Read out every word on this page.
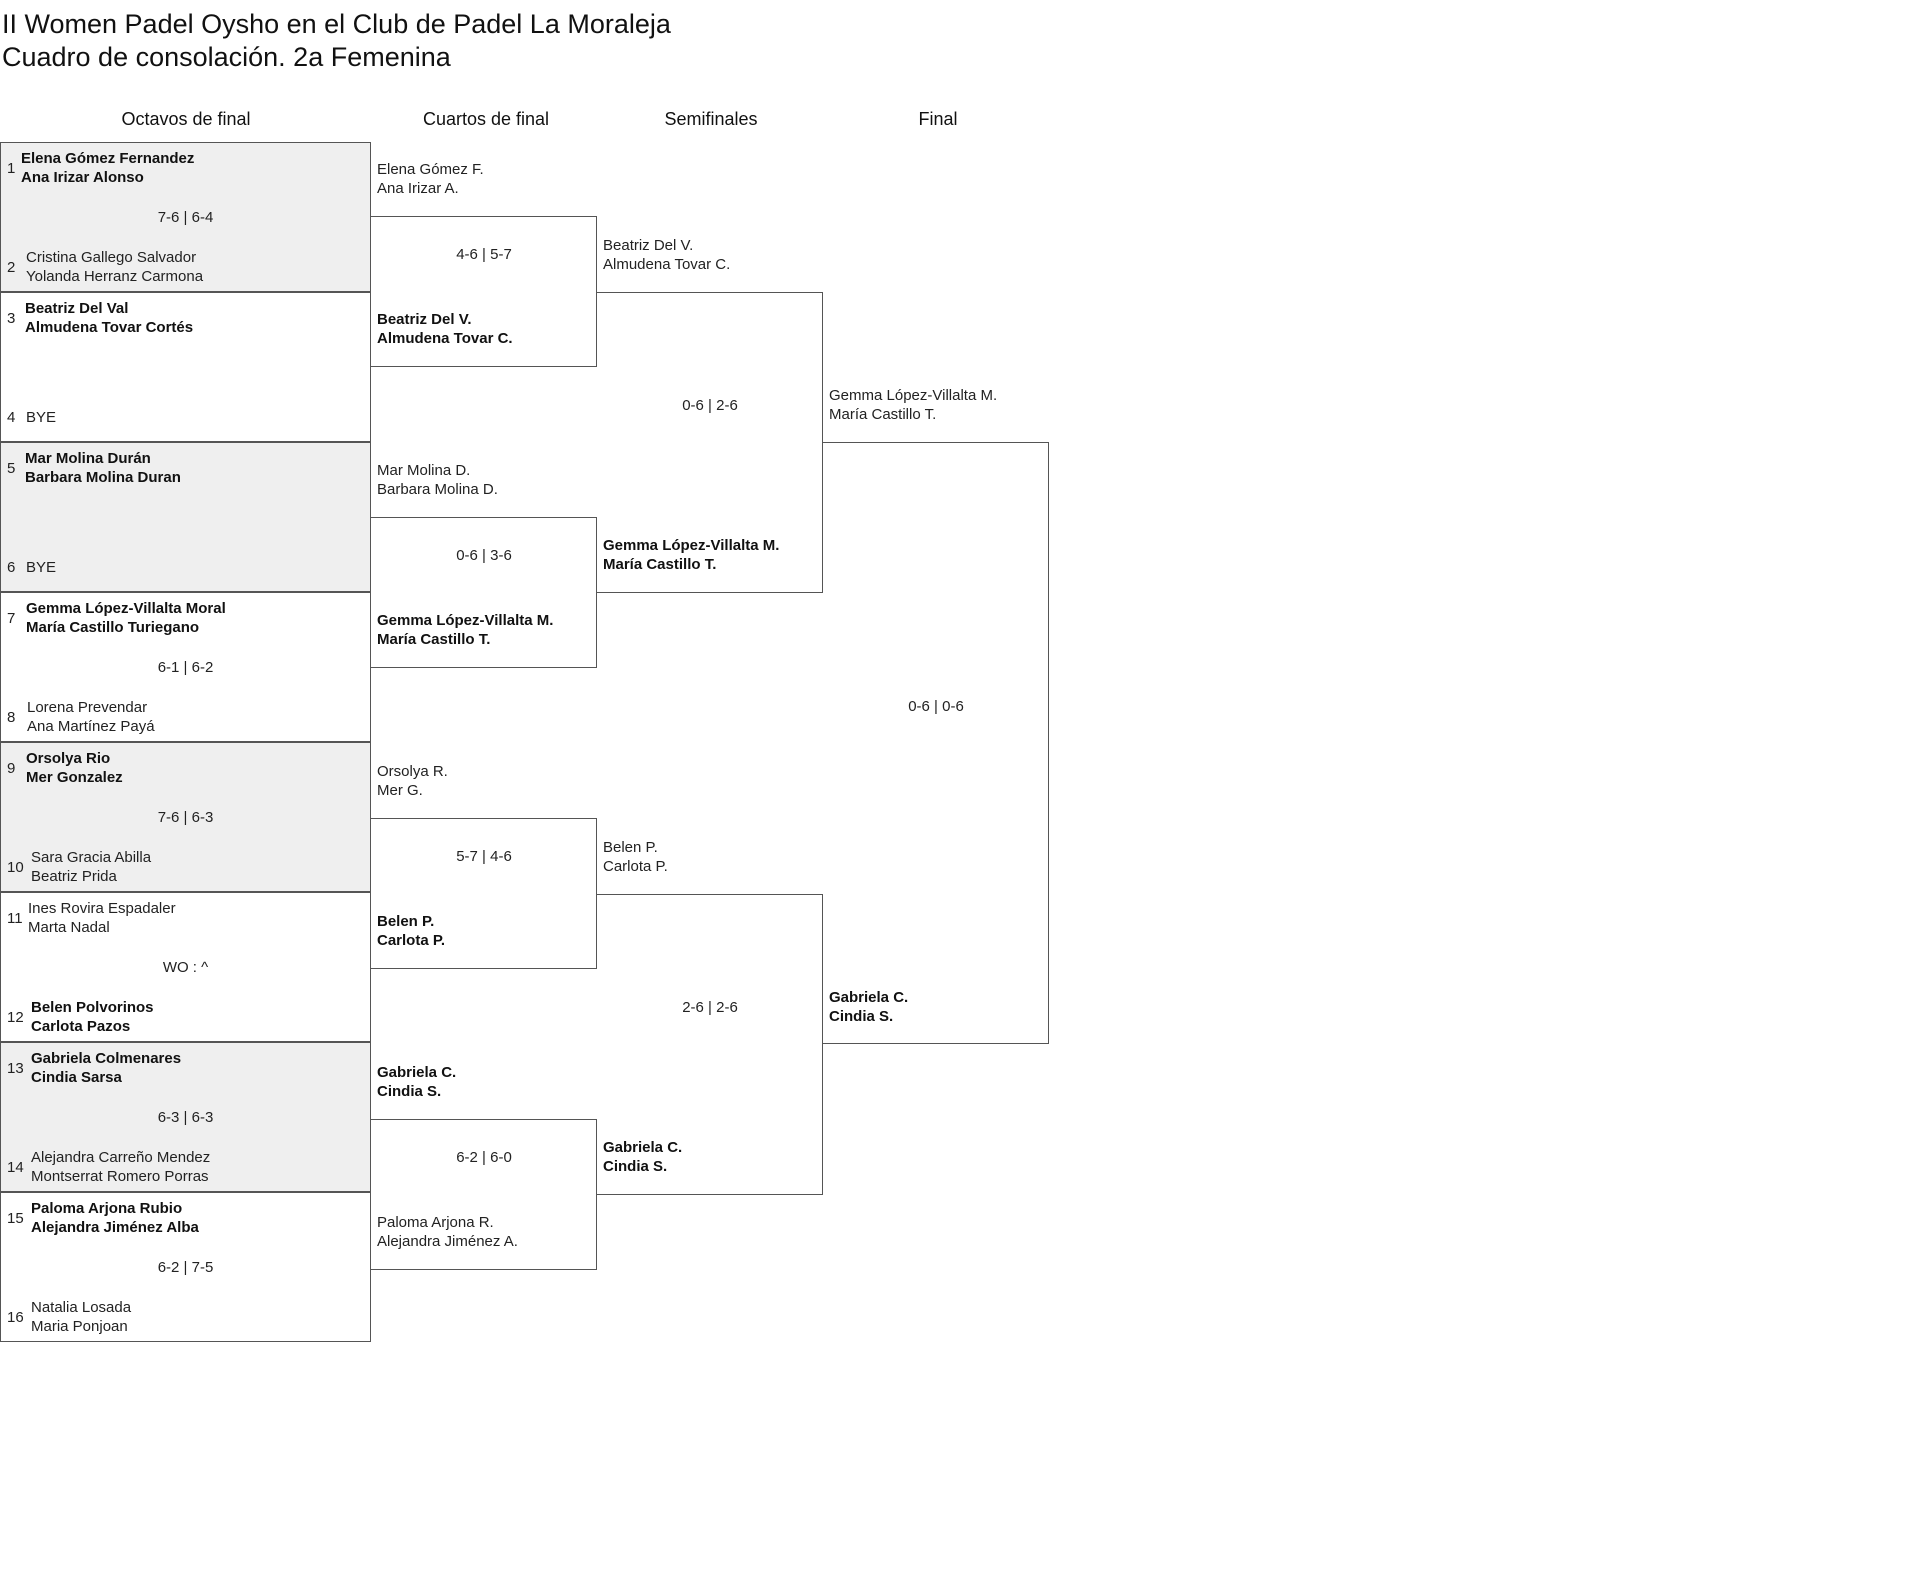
II Women Padel Oysho en el Club de Padel La Moraleja
Cuadro de consolación. 2a Femenina
Octavos de final	Cuartos de final	Semifinales	Final
1
Elena Gómez Fernandez
Ana Irizar Alonso
7-6 | 6-4
2
Cristina Gallego Salvador
Yolanda Herranz Carmona
3
Beatriz Del Val
Almudena Tovar Cortés
4 BYE
5
Mar Molina Durán
Barbara Molina Duran
6 BYE
7
Gemma López-Villalta Moral
María Castillo Turiegano
6-1 | 6-2
8
Lorena Prevendar
Ana Martínez Payá
9
Orsolya Rio
Mer Gonzalez
7-6 | 6-3
10
Sara Gracia Abilla
Beatriz Prida
11
Ines Rovira Espadaler
Marta Nadal
WO : ^
12
Belen Polvorinos
Carlota Pazos
13
Gabriela Colmenares
Cindia Sarsa
6-3 | 6-3
14
Alejandra Carreño Mendez
Montserrat Romero Porras
15
Paloma Arjona Rubio
Alejandra Jiménez Alba
6-2 | 7-5
16
Natalia Losada
Maria Ponjoan
Elena Gómez F.
Ana Irizar A.
4-6 | 5-7
Beatriz Del V.
Almudena Tovar C.
Mar Molina D.
Barbara Molina D.
0-6 | 3-6
Gemma López-Villalta M.
María Castillo T.
Orsolya R.
Mer G.
5-7 | 4-6
Belen P.
Carlota P.
Gabriela C.
Cindia S.
6-2 | 6-0
Paloma Arjona R.
Alejandra Jiménez A.
Beatriz Del V.
Almudena Tovar C.
0-6 | 2-6
Gemma López-Villalta M.
María Castillo T.
Belen P.
Carlota P.
2-6 | 2-6
Gabriela C.
Cindia S.
Gemma López-Villalta M.
María Castillo T.
0-6 | 0-6
Gabriela C.
Cindia S.
